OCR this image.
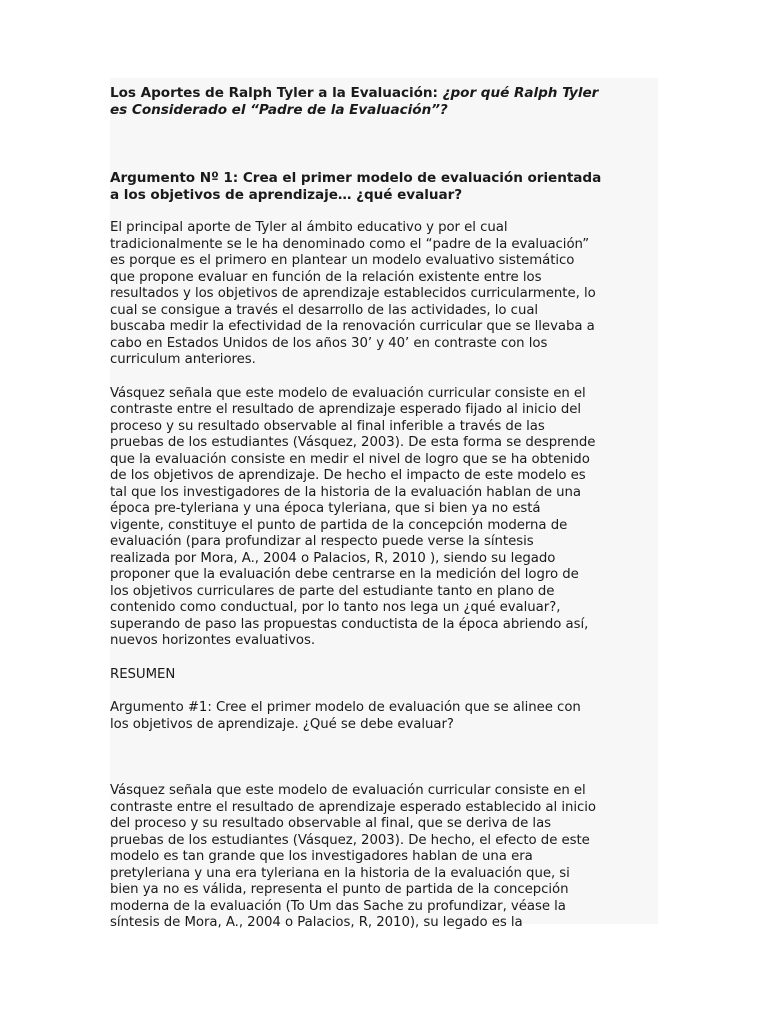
Los Aportes de Ralph Tyler a la Evaluación: ¿por qué Ralph Tyler
es Considerado el “Padre de la Evaluación”?

Argumento Nº 1: Crea el primer modelo de evaluación orientada
a los objetivos de aprendizaje… ¿qué evaluar?

El principal aporte de Tyler al ámbito educativo y por el cual
tradicionalmente se le ha denominado como el “padre de la evaluación”
es porque es el primero en plantear un modelo evaluativo sistemático
que propone evaluar en función de la relación existente entre los
resultados y los objetivos de aprendizaje establecidos curricularmente, lo
cual se consigue a través el desarrollo de las actividades, lo cual
buscaba medir la efectividad de la renovación curricular que se llevaba a
cabo en Estados Unidos de los años 30’ y 40’ en contraste con los
curriculum anteriores.

Vásquez señala que este modelo de evaluación curricular consiste en el
contraste entre el resultado de aprendizaje esperado fijado al inicio del
proceso y su resultado observable al final inferible a través de las
pruebas de los estudiantes (Vásquez, 2003). De esta forma se desprende
que la evaluación consiste en medir el nivel de logro que se ha obtenido
de los objetivos de aprendizaje. De hecho el impacto de este modelo es
tal que los investigadores de la historia de la evaluación hablan de una
época pre-tyleriana y una época tyleriana, que si bien ya no está
vigente, constituye el punto de partida de la concepción moderna de
evaluación (para profundizar al respecto puede verse la síntesis
realizada por Mora, A., 2004 o Palacios, R, 2010 ), siendo su legado
proponer que la evaluación debe centrarse en la medición del logro de
los objetivos curriculares de parte del estudiante tanto en plano de
contenido como conductual, por lo tanto nos lega un ¿qué evaluar?,
superando de paso las propuestas conductista de la época abriendo así,
nuevos horizontes evaluativos.

RESUMEN

Argumento #1: Cree el primer modelo de evaluación que se alinee con
los objetivos de aprendizaje. ¿Qué se debe evaluar?

Vásquez señala que este modelo de evaluación curricular consiste en el
contraste entre el resultado de aprendizaje esperado establecido al inicio
del proceso y su resultado observable al final, que se deriva de las
pruebas de los estudiantes (Vásquez, 2003). De hecho, el efecto de este
modelo es tan grande que los investigadores hablan de una era
pretyleriana y una era tyleriana en la historia de la evaluación que, si
bien ya no es válida, representa el punto de partida de la concepción
moderna de la evaluación (To Um das Sache zu profundizar, véase la
síntesis de Mora, A., 2004 o Palacios, R, 2010), su legado es la
